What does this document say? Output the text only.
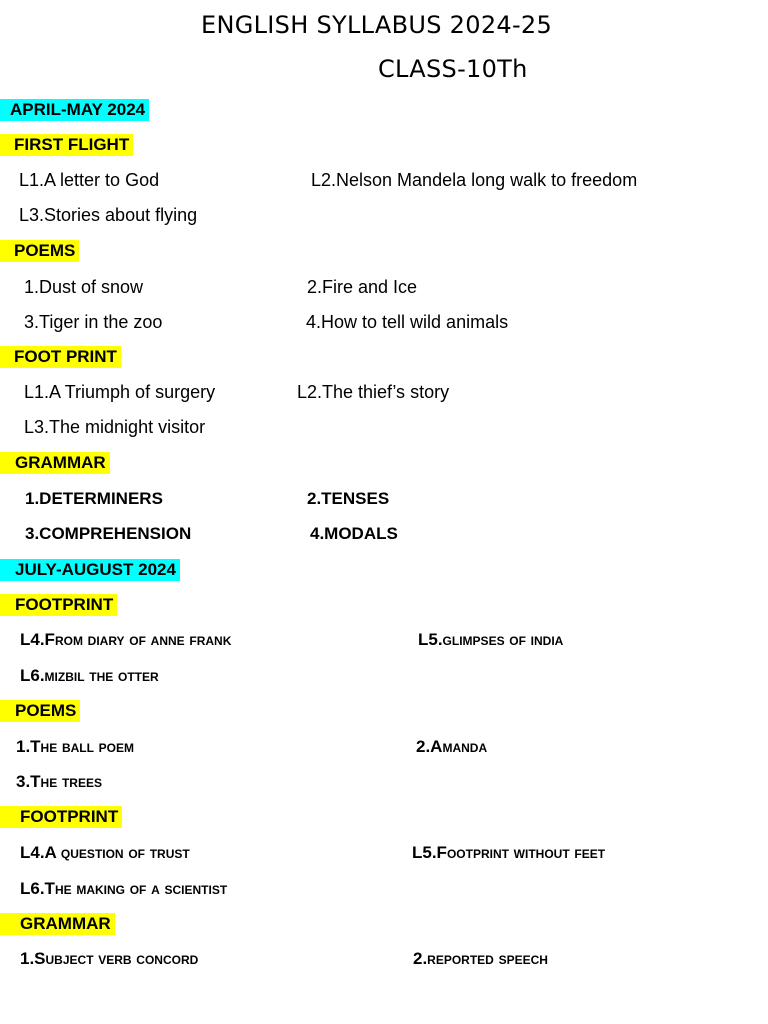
ENGLISH SYLLABUS 2024-25
CLASS-10Th
APRIL-MAY 2024
FIRST FLIGHT
L1.A letter to God	L2.Nelson Mandela long walk to freedom
L3.Stories about flying
POEMS
1.Dust of snow	2.Fire and Ice
3.Tiger in the zoo	4.How to tell wild animals
FOOT PRINT
L1.A Triumph of surgery	L2.The thief’s story
L3.The midnight visitor
GRAMMAR
1.DETERMINERS	2.TENSES
3.COMPREHENSION	4.MODALS
JULY-AUGUST 2024
FOOTPRINT
L4.From diary of anne frank	L5.glimpses of india
L6.mizbil the otter
POEMS
1.The ball poem	2.Amanda
3.The trees
FOOTPRINT
L4.A question of trust	L5.Footprint without feet
L6.The making of a scientist
GRAMMAR
1.Subject verb concord	2.reported speech
